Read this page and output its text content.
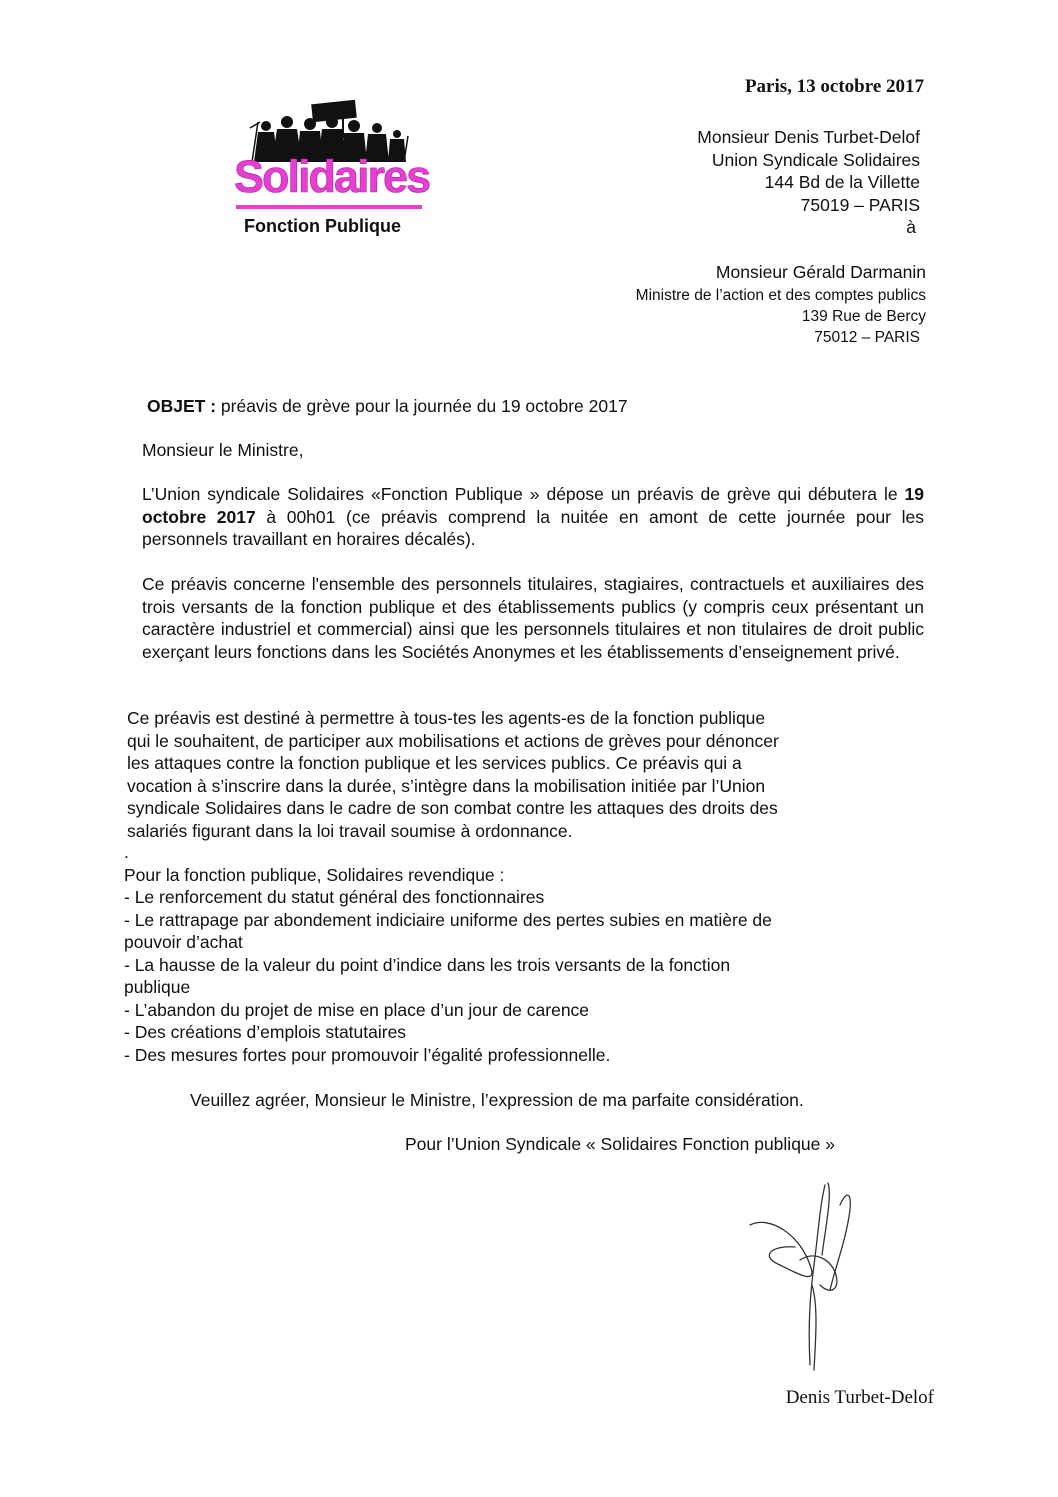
Paris, 13 octobre 2017
Solidaires
Fonction Publique
Monsieur Denis Turbet-Delof
Union Syndicale Solidaires
144 Bd de la Villette
75019 – PARIS
à
Monsieur Gérald Darmanin
Ministre de l’action et des comptes publics
139 Rue de Bercy
75012 – PARIS
OBJET : préavis de grève pour la journée du 19 octobre 2017
Monsieur le Ministre,
L’Union syndicale Solidaires «Fonction Publique » dépose un préavis de grève qui débutera le 19 octobre 2017 à 00h01 (ce préavis comprend la nuitée en amont de cette journée pour les personnels travaillant en horaires décalés).
Ce préavis concerne l'ensemble des personnels titulaires, stagiaires, contractuels et auxiliaires des trois versants de la fonction publique et des établissements publics (y compris ceux présentant un caractère industriel et commercial) ainsi que les personnels titulaires et non titulaires de droit public exerçant leurs fonctions dans les Sociétés Anonymes et les établissements d’enseignement privé.
Ce préavis est destiné à permettre à tous-tes les agents-es de la fonction publique
qui le souhaitent, de participer aux mobilisations et actions de grèves pour dénoncer
les attaques contre la fonction publique et les services publics. Ce préavis qui a
vocation à s’inscrire dans la durée, s’intègre dans la mobilisation initiée par l’Union
syndicale Solidaires dans le cadre de son combat contre les attaques des droits des
salariés figurant dans la loi travail soumise à ordonnance.
.
Pour la fonction publique, Solidaires revendique :
- Le renforcement du statut général des fonctionnaires
- Le rattrapage par abondement indiciaire uniforme des pertes subies en matière de
pouvoir d’achat
- La hausse de la valeur du point d’indice dans les trois versants de la fonction
publique
- L’abandon du projet de mise en place d’un jour de carence
- Des créations d’emplois statutaires
- Des mesures fortes pour promouvoir l’égalité professionnelle.
Veuillez agréer, Monsieur le Ministre, l’expression de ma parfaite considération.
Pour l’Union Syndicale « Solidaires Fonction publique »
Denis Turbet-Delof
